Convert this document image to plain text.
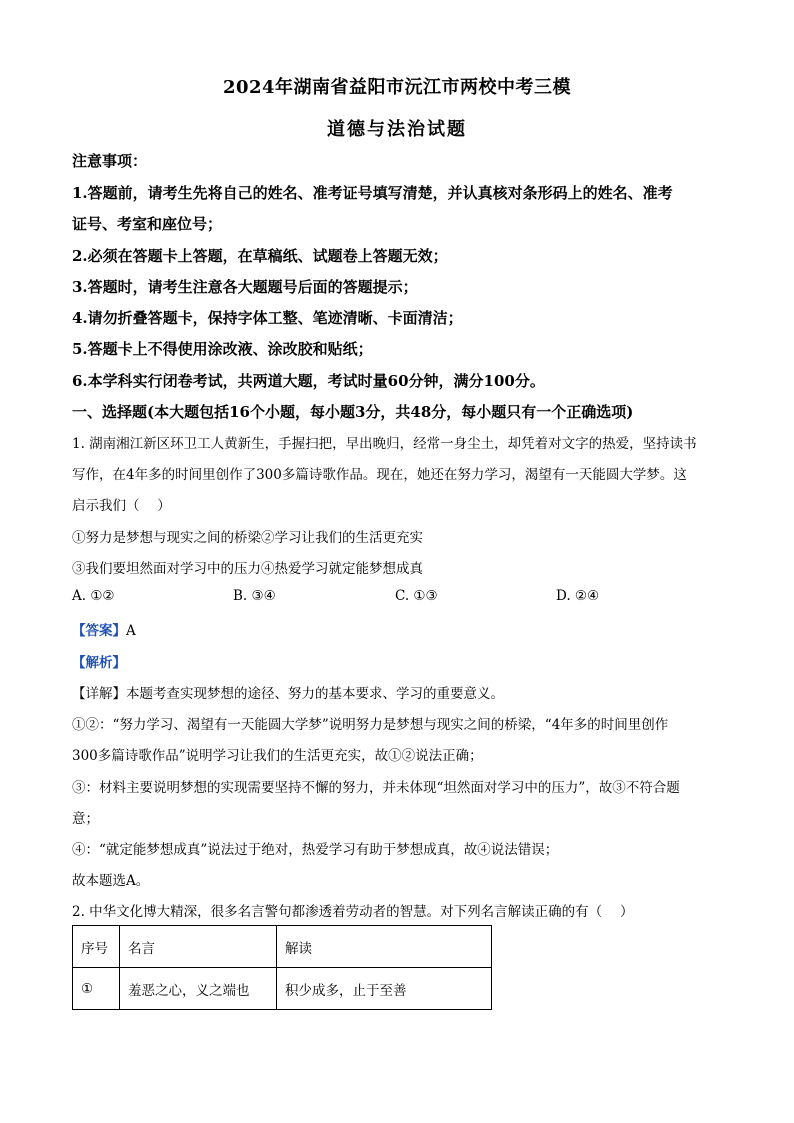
2024年湖南省益阳市沅江市两校中考三模
道德与法治试题
注意事项：
1.答题前，请考生先将自己的姓名、准考证号填写清楚，并认真核对条形码上的姓名、准考
证号、考室和座位号；
2.必须在答题卡上答题，在草稿纸、试题卷上答题无效；
3.答题时，请考生注意各大题题号后面的答题提示；
4.请勿折叠答题卡，保持字体工整、笔迹清晰、卡面清洁；
5.答题卡上不得使用涂改液、涂改胶和贴纸；
6.本学科实行闭卷考试，共两道大题，考试时量60分钟，满分100分。
一、选择题(本大题包括16个小题，每小题3分，共48分，每小题只有一个正确选项)
1. 湖南湘江新区环卫工人黄新生，手握扫把，早出晚归，经常一身尘土，却凭着对文字的热爱，坚持读书
写作，在4年多的时间里创作了300多篇诗歌作品。现在，她还在努力学习，渴望有一天能圆大学梦。这
启示我们（　 ）
①努力是梦想与现实之间的桥梁②学习让我们的生活更充实
③我们要坦然面对学习中的压力④热爱学习就定能梦想成真
A. ①②	B. ③④	C. ①③	D. ②④
【答案】A
【解析】
【详解】本题考查实现梦想的途径、努力的基本要求、学习的重要意义。
①②：“努力学习、渴望有一天能圆大学梦”说明努力是梦想与现实之间的桥梁，“4年多的时间里创作
300多篇诗歌作品”说明学习让我们的生活更充实，故①②说法正确；
③：材料主要说明梦想的实现需要坚持不懈的努力，并未体现“坦然面对学习中的压力”，故③不符合题
意；
④：“就定能梦想成真”说法过于绝对，热爱学习有助于梦想成真，故④说法错误；
故本题选A。
2. 中华文化博大精深，很多名言警句都渗透着劳动者的智慧。对下列名言解读正确的有（　 ）
序号	名言	解读
①	羞恶之心，义之端也	积少成多，止于至善
